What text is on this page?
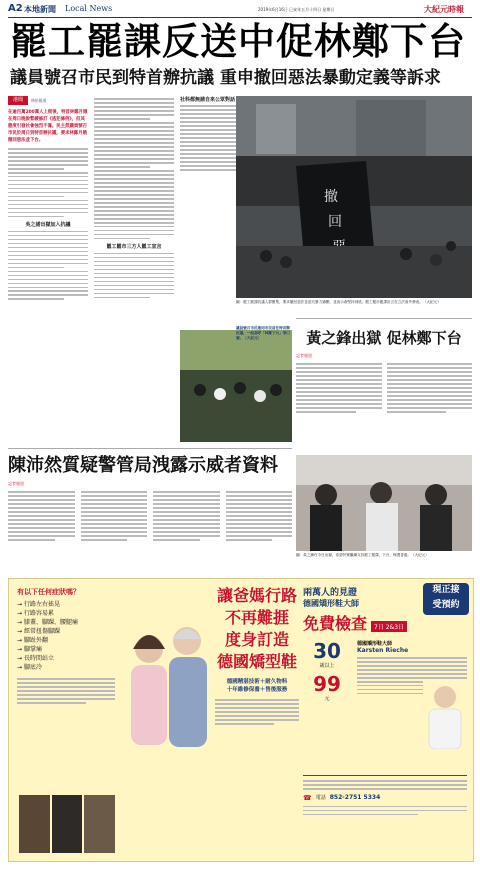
A2 本地新聞 Local News	2019年6月16日 已亥年五月十四日 星期日	大紀元時報
罷工罷課反送中促林鄭下台
議員號召市民到特首辦抗議 重申撤回惡法暴動定義等訴求
港聞	林怡報道

在逾百萬200萬人上街後，特首林鄭月娥在周日晚說暫緩修訂《逃犯條例》，但其態度引發社會強烈不滿。民主派議員號召市民於周日到特首辦抗議，要求林鄭月娥撤回惡法並下台。

吳之諾出獄加入抗議
罷工罷市三方人罷工宣言
社科都無請自來公眾對話
撤
回
圖：罷工罷課抗議人群聚集，要求撤回惡法並追究暴力鎮壓，並表示會堅持到底。罷工罷市罷課宣言在立法會外發表。（大紀元）
議員號召市民連同市民前往特首辦抗議，一起高呼「林鄭下台」等口號。（大紀元）	黃之鋒出獄 促林鄭下台
記者報道
圖：黃之鋒在今日出獄，希望民眾繼續支持罷工罷課，下台，保護香港。（大紀元）
陳沛然質疑警管局洩露示威者資料
記者報道
有以下任何症狀嗎？
→ 行路左右搖晃
→ 行路容易累
→ 膝蓋、腳踝、腰腿痛
→ 經常扭傷腳踝
→ 腳趾外翻
→ 腳掌痛
→ 長時間站立
→ 腳底冷
讓爸媽行路
不再難捱
度身訂造
德國矯型鞋
德國精湛技術＋耐久物料
十年維修保養＋售後服務
兩萬人的見證
德國矯形鞋大師
免費檢查	7日 2&3日
30
歲以上
99
元
德國矯形鞋大師
Karsten Rieche
現正接
受預約
☎ 電話 852-2751 5334
